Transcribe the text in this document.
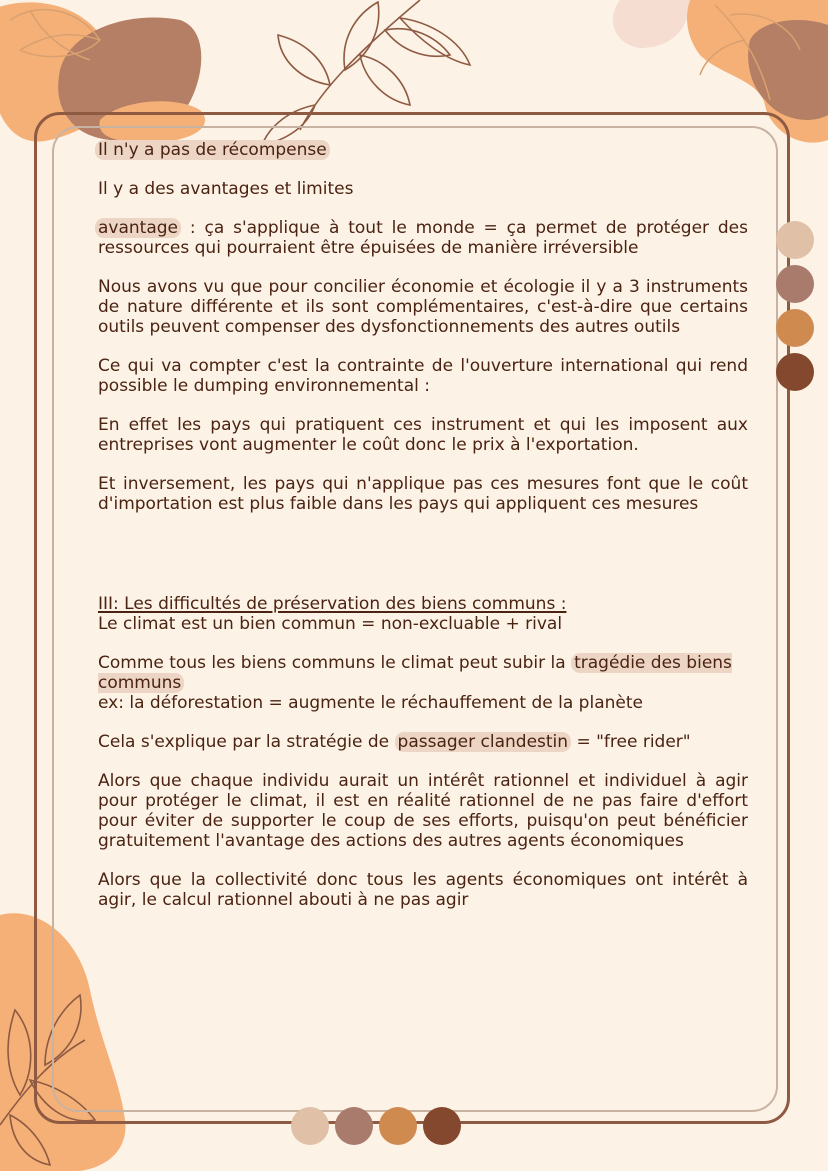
Il n'y a pas de récompense

Il y a des avantages et limites

avantage : ça s'applique à tout le monde = ça permet de protéger des ressources qui pourraient être épuisées de manière irréversible

Nous avons vu que pour concilier économie et écologie il y a 3 instruments de nature différente et ils sont complémentaires, c'est-à-dire que certains outils peuvent compenser des dysfonctionnements des autres outils

Ce qui va compter c'est la contrainte de l'ouverture international qui rend possible le dumping environnemental :

En effet les pays qui pratiquent ces instrument et qui les imposent aux entreprises vont augmenter le coût donc le prix à l'exportation.

Et inversement, les pays qui n'applique pas ces mesures font que le coût d'importation est plus faible dans les pays qui appliquent ces mesures

III: Les difficultés de préservation des biens communs :

Le climat est un bien commun = non-excluable + rival

Comme tous les biens communs le climat peut subir la tragédie des biens communs

ex: la déforestation = augmente le réchauffement de la planète

Cela s'explique par la stratégie de passager clandestin = "free rider"

Alors que chaque individu aurait un intérêt rationnel et individuel à agir pour protéger le climat, il est en réalité rationnel de ne pas faire d'effort pour éviter de supporter le coup de ses efforts, puisqu'on peut bénéficier gratuitement l'avantage des actions des autres agents économiques

Alors que la collectivité donc tous les agents économiques ont intérêt à agir, le calcul rationnel abouti à ne pas agir
